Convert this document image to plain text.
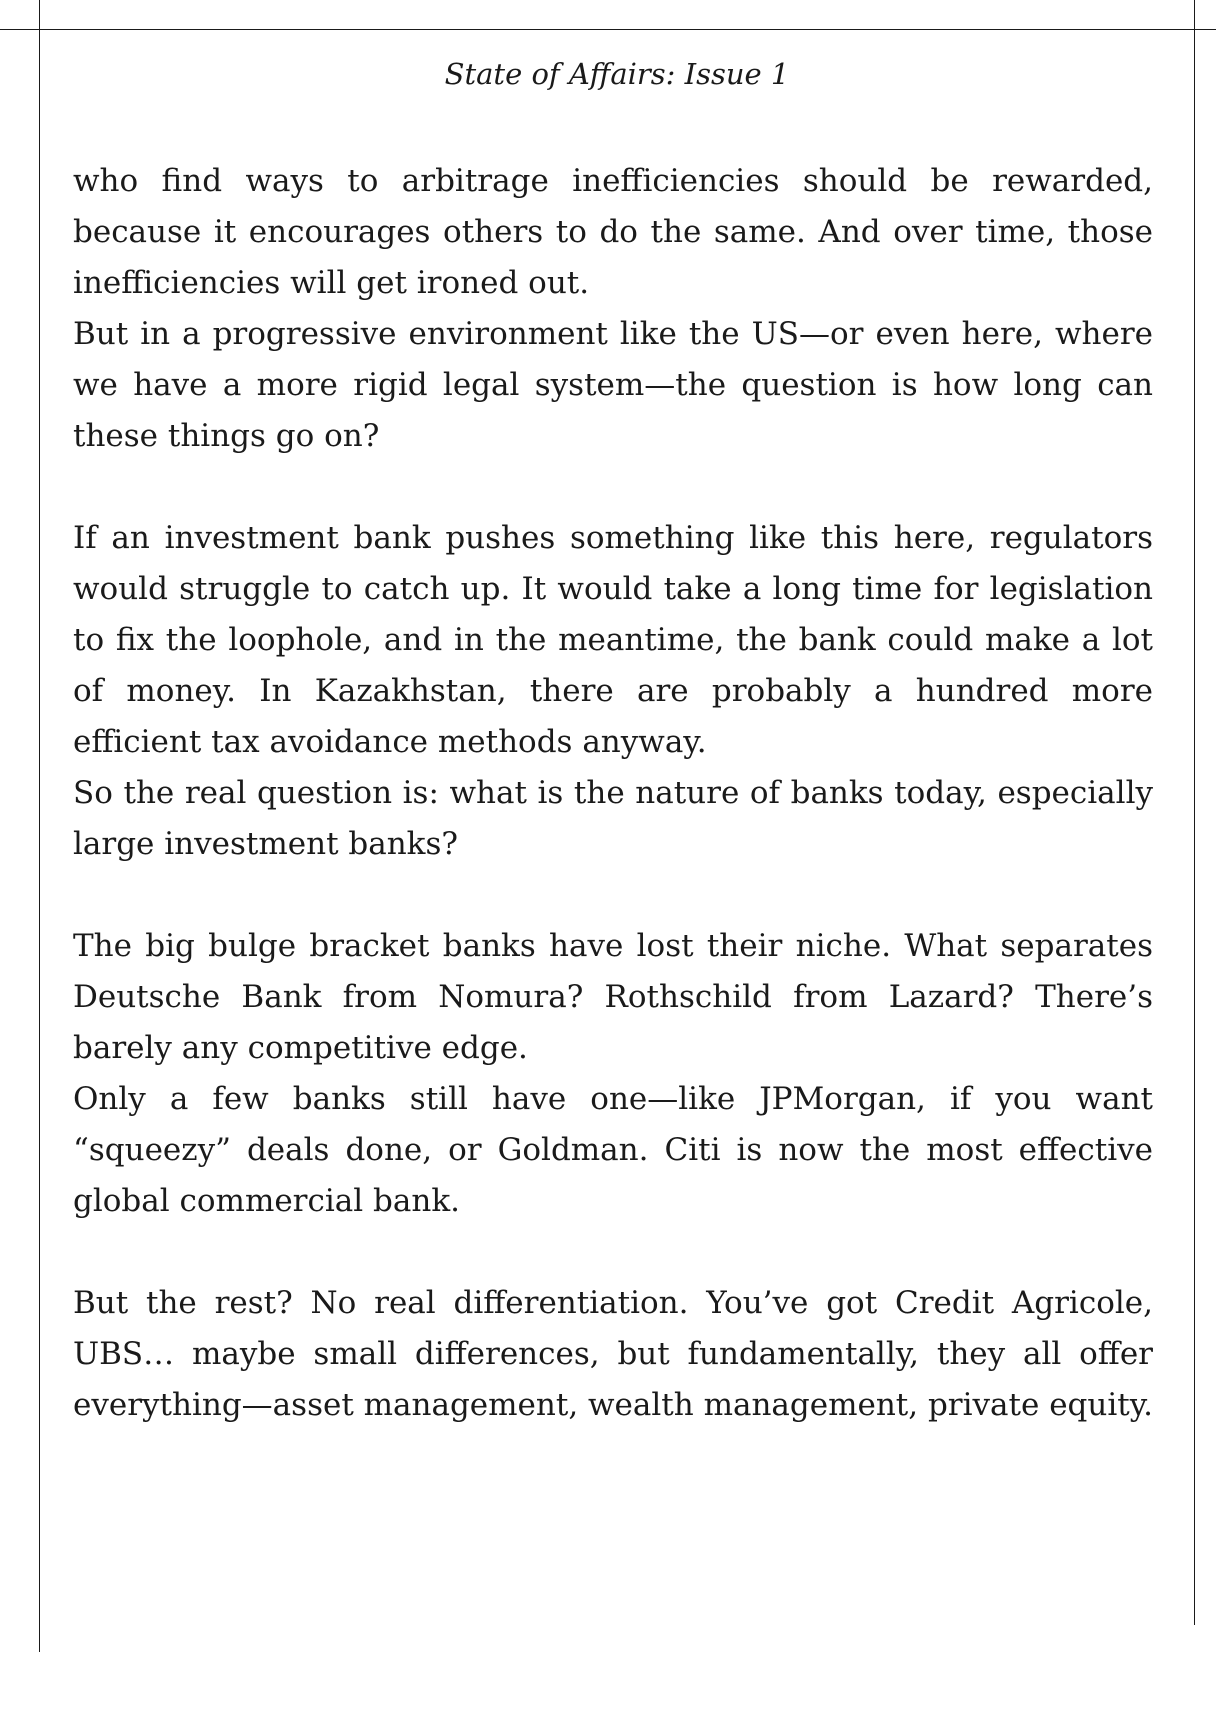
State of Affairs: Issue 1

who find ways to arbitrage inefficiencies should be rewarded, because it encourages others to do the same. And over time, those inefficiencies will get ironed out.

But in a progressive environment like the US—or even here, where we have a more rigid legal system—the question is how long can these things go on?

If an investment bank pushes something like this here, regulators would struggle to catch up. It would take a long time for legislation to fix the loophole, and in the meantime, the bank could make a lot of money. In Kazakhstan, there are probably a hundred more efficient tax avoidance methods anyway.

So the real question is: what is the nature of banks today, especially large investment banks?

The big bulge bracket banks have lost their niche. What separates Deutsche Bank from Nomura? Rothschild from Lazard? There’s barely any competitive edge.

Only a few banks still have one—like JPMorgan, if you want “squeezy” deals done, or Goldman. Citi is now the most effective global commercial bank.

But the rest? No real differentiation. You’ve got Credit Agricole, UBS… maybe small differences, but fundamentally, they all offer everything—asset management, wealth management, private equity.
